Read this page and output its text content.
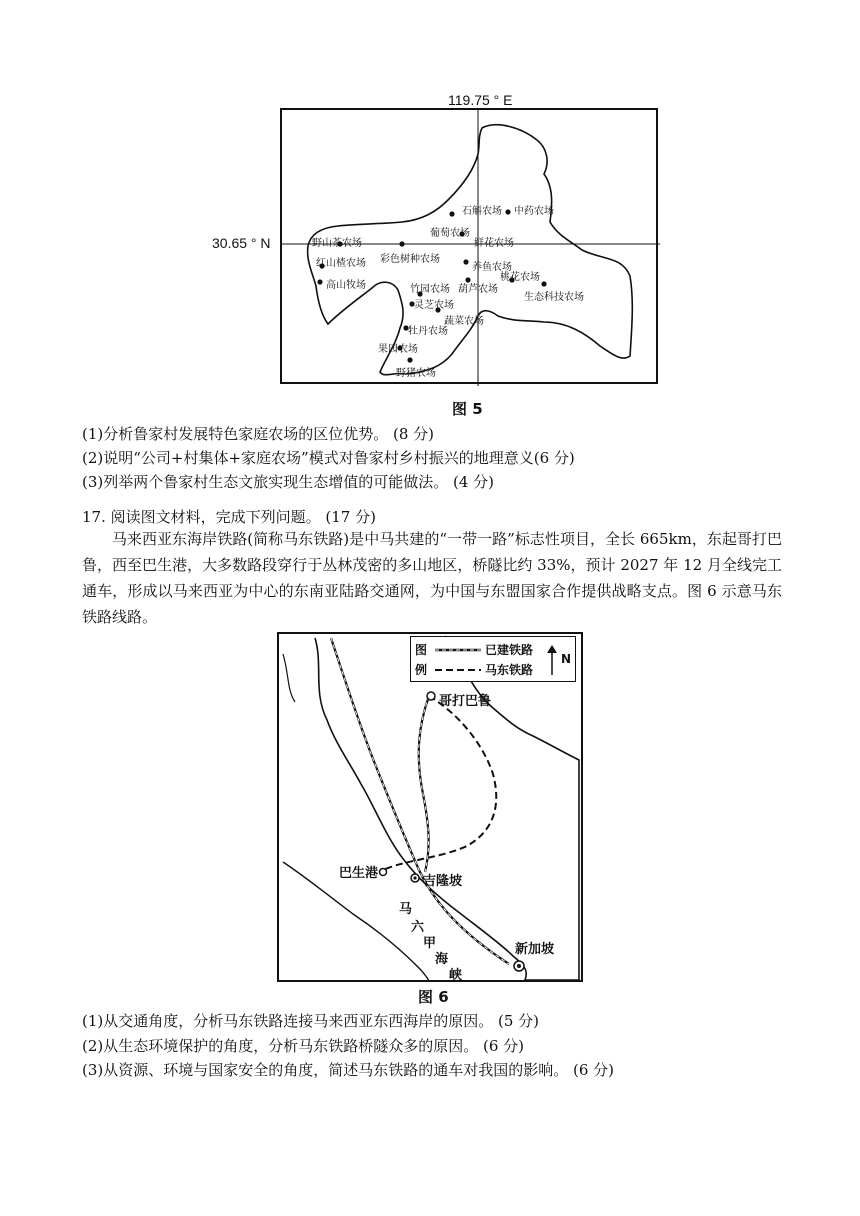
119.75 ° E
30.65 ° N	野山茶农场
红山楂农场
高山牧场
葡萄农场
彩色树种农场
石斛农场 中药农场
鲜花农场
养鱼农场
桃花农场
生态科技农场
竹园农场 葫芦农场
灵芝农场
蔬菜农场
牡丹农场
果园农场
野猪农场
图 5
(1)分析鲁家村发展特色家庭农场的区位优势。 (8 分)
(2)说明“公司+村集体+家庭农场”模式对鲁家村乡村振兴的地理意义(6 分)
(3)列举两个鲁家村生态文旅实现生态增值的可能做法。 (4 分)
17. 阅读图文材料，完成下列问题。 (17 分)
马来西亚东海岸铁路(简称马东铁路)是中马共建的“一带一路”标志性项目，全长 665km，东起哥打巴鲁，西至巴生港，大多数路段穿行于丛林茂密的多山地区，桥隧比约 33%，预计 2027 年 12 月全线完工通车，形成以马来西亚为中心的东南亚陆路交通网，为中国与东盟国家合作提供战略支点。图 6 示意马东铁路线路。
哥打巴鲁
巴生港
吉隆坡
新加坡
马
六
甲
海
峡
图
例
已建铁路
马东铁路
N
图 6
(1)从交通角度，分析马东铁路连接马来西亚东西海岸的原因。 (5 分)
(2)从生态环境保护的角度，分析马东铁路桥隧众多的原因。 (6 分)
(3)从资源、环境与国家安全的角度，简述马东铁路的通车对我国的影响。 (6 分)
